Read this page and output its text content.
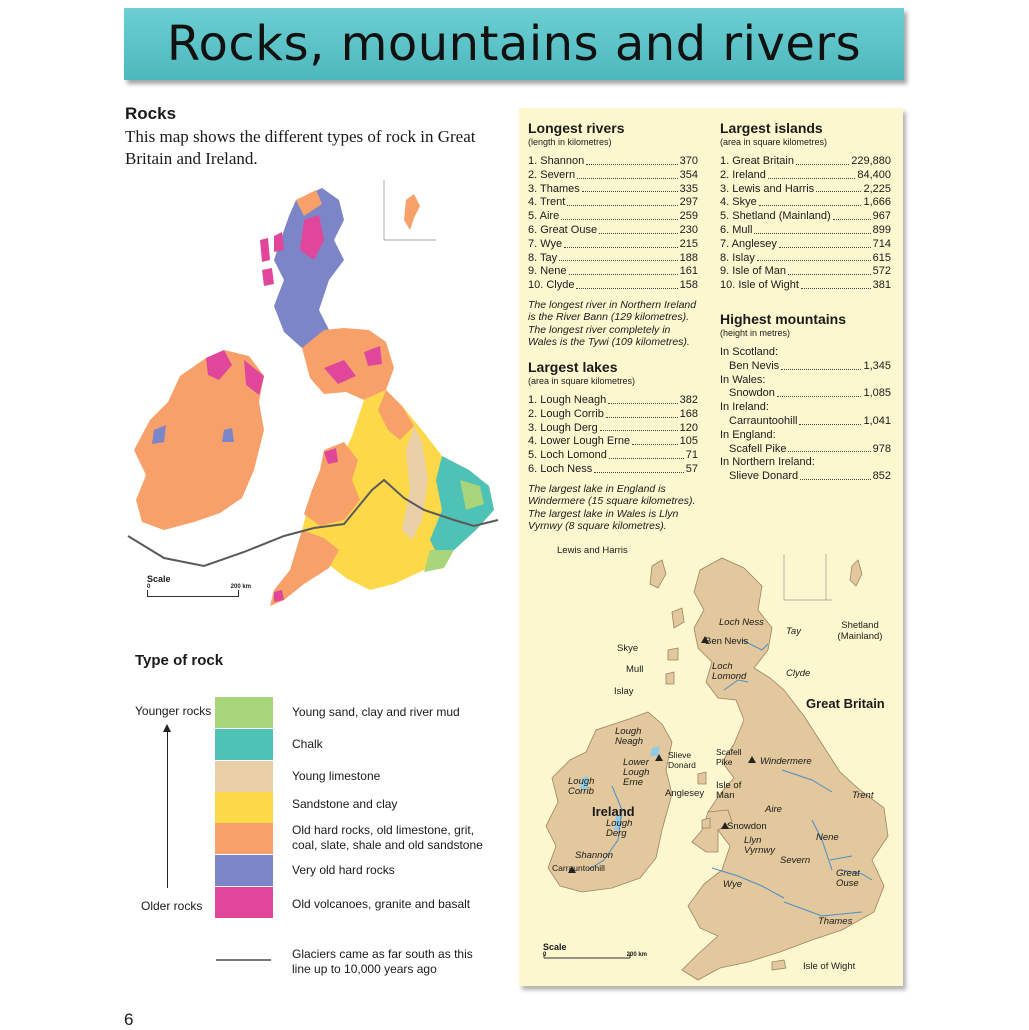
Rocks, mountains and rivers
Rocks
This map shows the different types of rock in Great Britain and Ireland.
Scale
0	200 km
Type of rock
Younger rocks
Older rocks
Young sand, clay and river mud
Chalk
Young limestone
Sandstone and clay
Old hard rocks, old limestone, grit, coal, slate, shale and old sandstone
Very old hard rocks
Old volcanoes, granite and basalt
Glaciers came as far south as this line up to 10,000 years ago
6
Longest rivers
(length in kilometres)
1. Shannon	370
2. Severn	354
3. Thames	335
4. Trent	297
5. Aire	259
6. Great Ouse	230
7. Wye	215
8. Tay	188
9. Nene	161
10. Clyde	158
The longest river in Northern Ireland is the River Bann (129 kilometres). The longest river completely in Wales is the Tywi (109 kilometres).
Largest lakes
(area in square kilometres)
1. Lough Neagh	382
2. Lough Corrib	168
3. Lough Derg	120
4. Lower Lough Erne	105
5. Loch Lomond	71
6. Loch Ness	57
The largest lake in England is Windermere (15 square kilometres). The largest lake in Wales is Llyn Vyrnwy (8 square kilometres).
Largest islands
(area in square kilometres)
1. Great Britain	229,880
2. Ireland	84,400
3. Lewis and Harris	2,225
4. Skye	1,666
5. Shetland (Mainland)	967
6. Mull	899
7. Anglesey	714
8. Islay	615
9. Isle of Man	572
10. Isle of Wight	381
Highest mountains
(height in metres)
In Scotland:
Ben Nevis	1,345
In Wales:
Snowdon	1,085
In Ireland:
Carrauntoohill	1,041
In England:
Scafell Pike	978
In Northern Ireland:
Slieve Donard	852
Scale
0	200 km
Lewis and Harris
Shetland (Mainland)
Loch Ness
Ben Nevis
Tay
Skye
Mull	Loch Lomond	Clyde
Islay
Great Britain
Lough Neagh
Slieve Donard
Scafell Pike	Windermere
Lower Lough Erne
Lough Corrib
Isle of Man
Anglesey	Trent
Aire
Ireland
Lough Derg
Snowdon
Llyn Vyrnwy
Nene
Shannon	Severn
Great Ouse
Carrauntoohill
Wye
Thames
Isle of Wight
